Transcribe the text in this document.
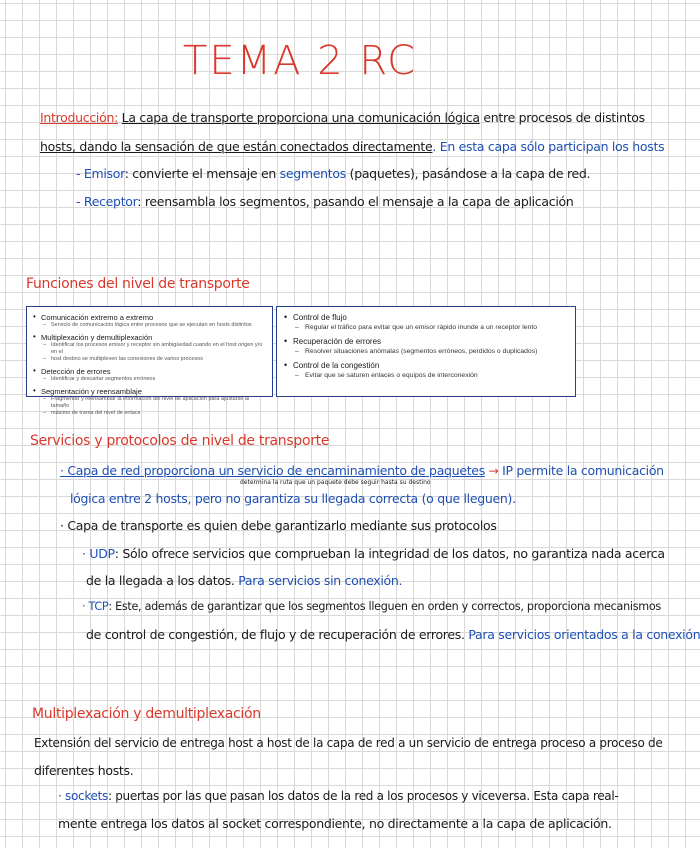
TEMA 2 RC
Introducción: La capa de transporte proporciona una comunicación lógica entre procesos de distintos
hosts, dando la sensación de que están conectados directamente. En esta capa sólo participan los hosts
- Emisor: convierte el mensaje en segmentos (paquetes), pasándose a la capa de red.
- Receptor: reensambla los segmentos, pasando el mensaje a la capa de aplicación
Funciones del nivel de transporte
• Comunicación extremo a extremo
– Servicio de comunicación lógica entre procesos que se ejecutan en hosts distintos
• Multiplexación y demultiplexación
– Identificar los procesos emisor y receptor sin ambigüedad cuando en el host origen y/o en el
– host destino se multiplexen las conexiones de varios procesos
• Detección de errores
– Identificar y descartar segmentos erróneos
• Segmentación y reensamblaje
– Fragmentar y reensamblar la información del nivel de aplicación para ajustarse al tamaño
– máximo de trama del nivel de enlace
• Control de flujo
– Regular el tráfico para evitar que un emisor rápido inunde a un receptor lento
• Recuperación de errores
– Resolver situaciones anómalas (segmentos erróneos, perdidos o duplicados)
• Control de la congestión
– Evitar que se saturen enlaces o equipos de interconexión
Servicios y protocolos de nivel de transporte
· Capa de red proporciona un servicio de encaminamiento de paquetes → IP permite la comunicación
determina la ruta que un paquete debe seguir hasta su destino
lógica entre 2 hosts, pero no garantiza su llegada correcta (o que lleguen).
· Capa de transporte es quien debe garantizarlo mediante sus protocolos
· UDP: Sólo ofrece servicios que comprueban la integridad de los datos, no garantiza nada acerca
de la llegada a los datos. Para servicios sin conexión.
· TCP: Este, además de garantizar que los segmentos lleguen en orden y correctos, proporciona mecanismos
de control de congestión, de flujo y de recuperación de errores. Para servicios orientados a la conexión
Multiplexación y demultiplexación
Extensión del servicio de entrega host a host de la capa de red a un servicio de entrega proceso a proceso de
diferentes hosts.
· sockets: puertas por las que pasan los datos de la red a los procesos y viceversa. Esta capa real-
mente entrega los datos al socket correspondiente, no directamente a la capa de aplicación.
